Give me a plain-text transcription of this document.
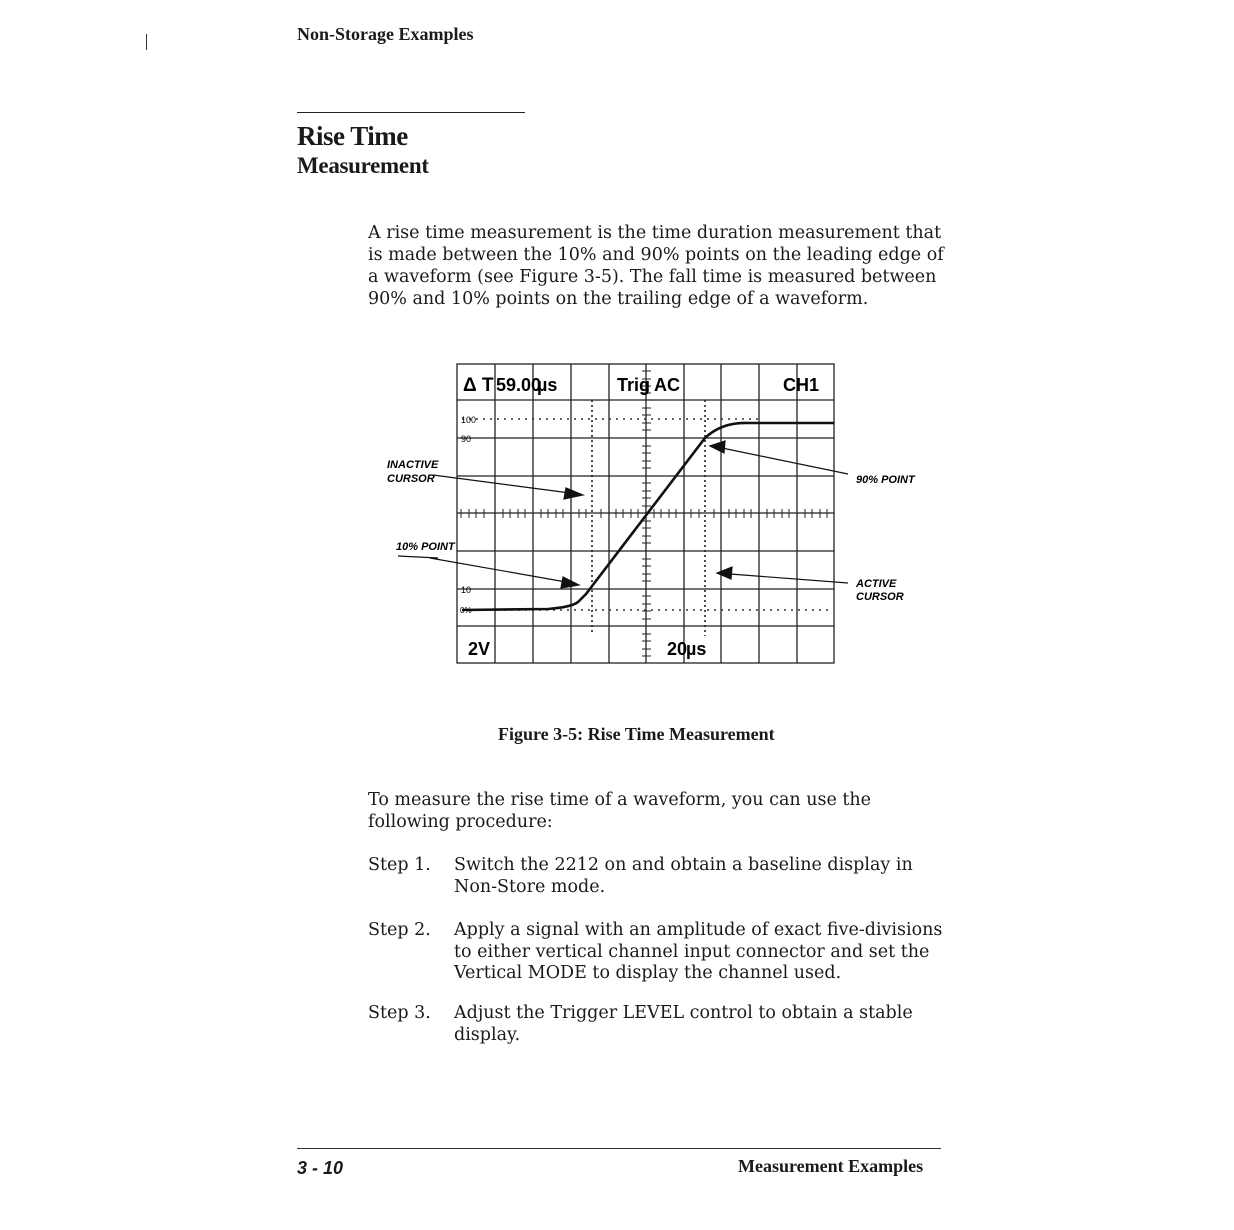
Non-Storage Examples
Rise Time
Measurement
A rise time measurement is the time duration measurement that is made between the 10% and 90% points on the leading edge of a waveform (see Figure 3-5). The fall time is measured between 90% and 10% points on the trailing edge of a waveform.
Δ T 59.00
µs	Trig AC	CH1
2V	20
µs
100
90
10
0%
INACTIVE
CURSOR
10% POINT
90% POINT
ACTIVE
CURSOR
Figure 3-5: Rise Time Measurement
To measure the rise time of a waveform, you can use the following procedure:
Step 1.	Switch the 2212 on and obtain a baseline display in Non-Store mode.
Step 2.	Apply a signal with an amplitude of exact five-divisions to either vertical channel input connector and set the Vertical MODE to display the channel used.
Step 3.	Adjust the Trigger LEVEL control to obtain a stable display.
3 - 10	Measurement Examples
